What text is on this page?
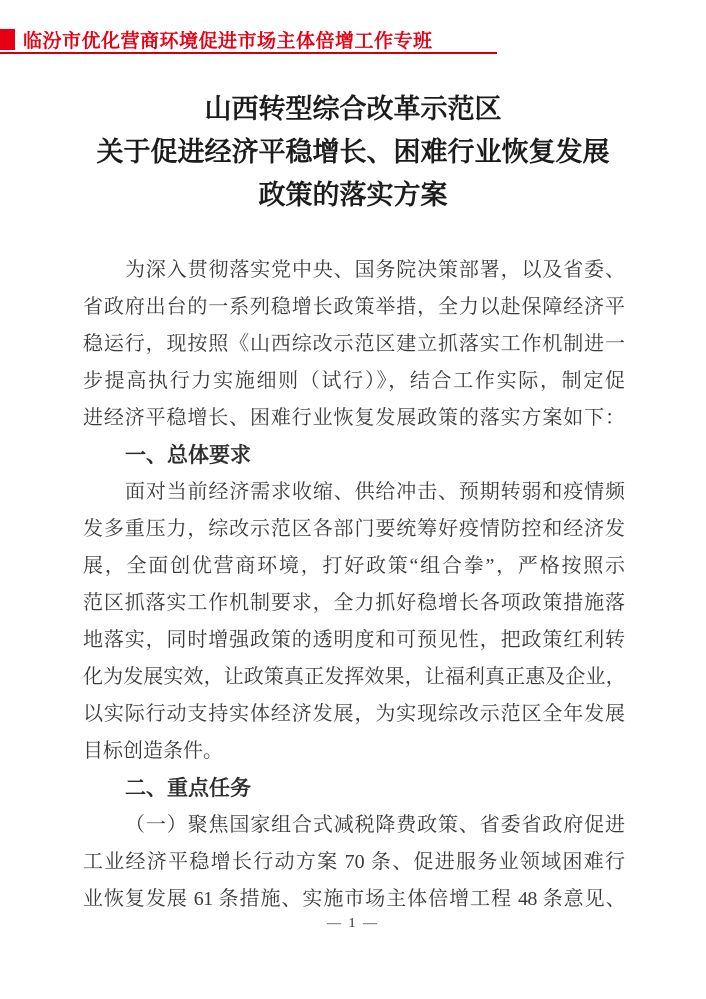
临汾市优化营商环境促进市场主体倍增工作专班
山西转型综合改革示范区
关于促进经济平稳增长、困难行业恢复发展
政策的落实方案
为深入贯彻落实党中央、国务院决策部署，以及省委、
省政府出台的一系列稳增长政策举措，全力以赴保障经济平
稳运行，现按照《山西综改示范区建立抓落实工作机制进一
步提高执行力实施细则（试行）》，结合工作实际，制定促
进经济平稳增长、困难行业恢复发展政策的落实方案如下：
一、总体要求
面对当前经济需求收缩、供给冲击、预期转弱和疫情频
发多重压力，综改示范区各部门要统筹好疫情防控和经济发
展，全面创优营商环境，打好政策“组合拳”，严格按照示
范区抓落实工作机制要求，全力抓好稳增长各项政策措施落
地落实，同时增强政策的透明度和可预见性，把政策红利转
化为发展实效，让政策真正发挥效果，让福利真正惠及企业，
以实际行动支持实体经济发展，为实现综改示范区全年发展
目标创造条件。
二、重点任务
（一）聚焦国家组合式减税降费政策、省委省政府促进
工业经济平稳增长行动方案 70 条、促进服务业领域困难行
业恢复发展 61 条措施、实施市场主体倍增工程 48 条意见、
— 1 —
